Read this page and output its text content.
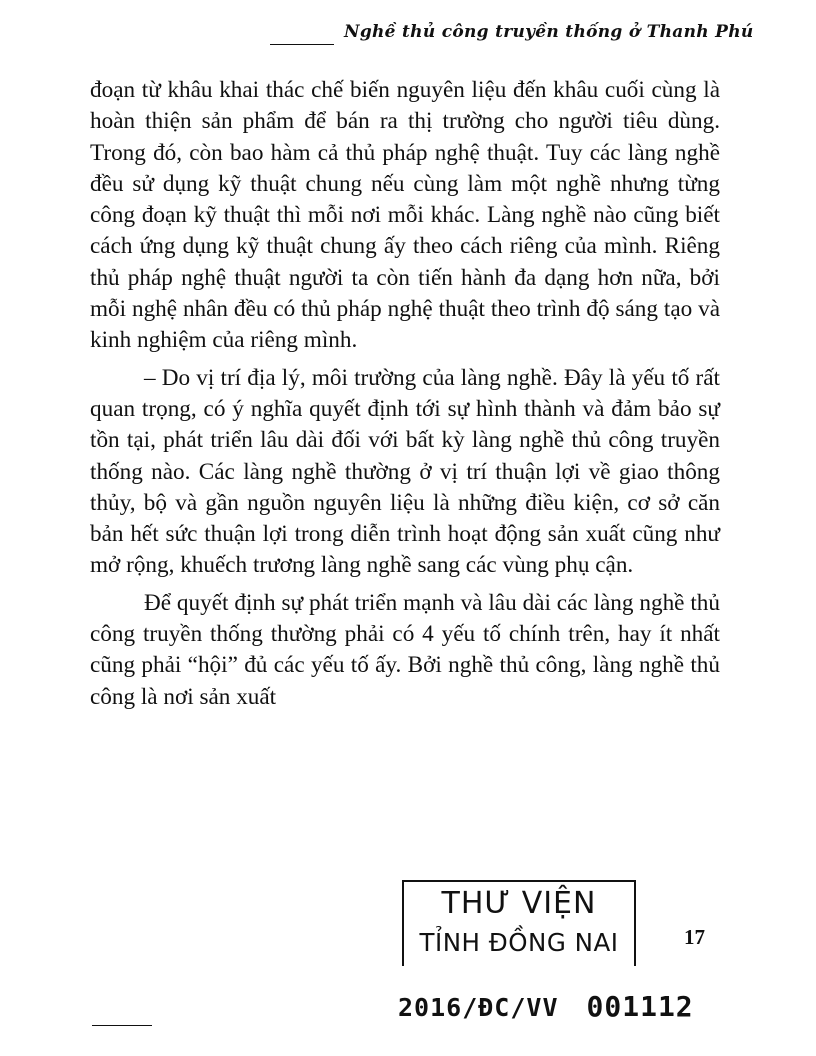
Nghề thủ công truyền thống ở Thanh Phú

đoạn từ khâu khai thác chế biến nguyên liệu đến khâu cuối cùng là hoàn thiện sản phẩm để bán ra thị trường cho người tiêu dùng. Trong đó, còn bao hàm cả thủ pháp nghệ thuật. Tuy các làng nghề đều sử dụng kỹ thuật chung nếu cùng làm một nghề nhưng từng công đoạn kỹ thuật thì mỗi nơi mỗi khác. Làng nghề nào cũng biết cách ứng dụng kỹ thuật chung ấy theo cách riêng của mình. Riêng thủ pháp nghệ thuật người ta còn tiến hành đa dạng hơn nữa, bởi mỗi nghệ nhân đều có thủ pháp nghệ thuật theo trình độ sáng tạo và kinh nghiệm của riêng mình.

– Do vị trí địa lý, môi trường của làng nghề. Đây là yếu tố rất quan trọng, có ý nghĩa quyết định tới sự hình thành và đảm bảo sự tồn tại, phát triển lâu dài đối với bất kỳ làng nghề thủ công truyền thống nào. Các làng nghề thường ở vị trí thuận lợi về giao thông thủy, bộ và gần nguồn nguyên liệu là những điều kiện, cơ sở căn bản hết sức thuận lợi trong diễn trình hoạt động sản xuất cũng như mở rộng, khuếch trương làng nghề sang các vùng phụ cận.

Để quyết định sự phát triển mạnh và lâu dài các làng nghề thủ công truyền thống thường phải có 4 yếu tố chính trên, hay ít nhất cũng phải “hội” đủ các yếu tố ấy. Bởi nghề thủ công, làng nghề thủ công là nơi sản xuất

THƯ VIỆN
TỈNH ĐỒNG NAI	17
2016/ĐC/VV 001112
